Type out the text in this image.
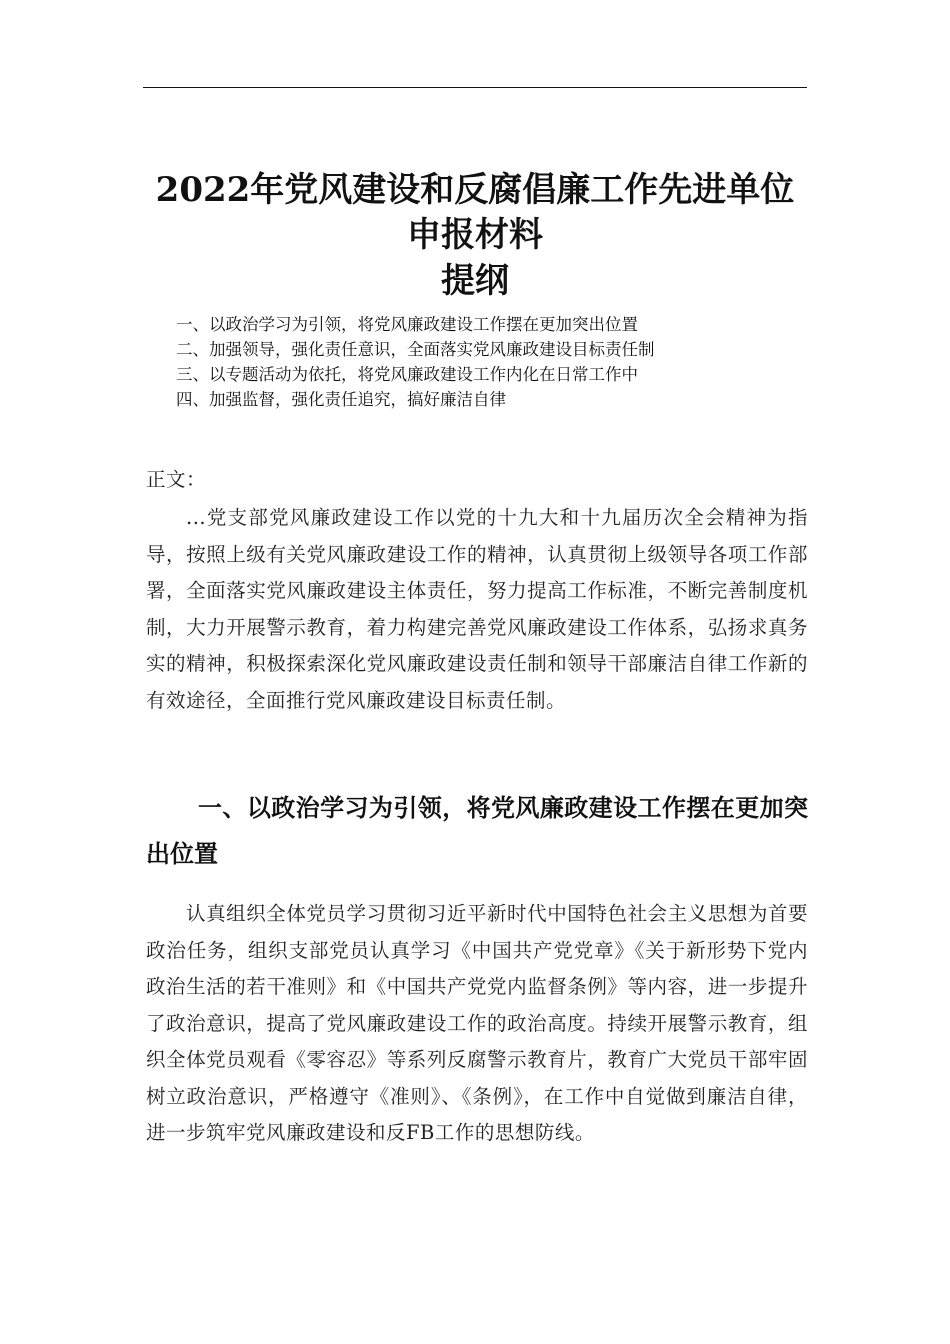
2022年党风建设和反腐倡廉工作先进单位
申报材料
提纲
一、以政治学习为引领，将党风廉政建设工作摆在更加突出位置
二、加强领导，强化责任意识，全面落实党风廉政建设目标责任制
三、以专题活动为依托，将党风廉政建设工作内化在日常工作中
四、加强监督，强化责任追究，搞好廉洁自律
正文：
...党支部党风廉政建设工作以党的十九大和十九届历次全会精神为指导，按照上级有关党风廉政建设工作的精神，认真贯彻上级领导各项工作部署，全面落实党风廉政建设主体责任，努力提高工作标准，不断完善制度机制，大力开展警示教育，着力构建完善党风廉政建设工作体系，弘扬求真务实的精神，积极探索深化党风廉政建设责任制和领导干部廉洁自律工作新的有效途径，全面推行党风廉政建设目标责任制。
一、以政治学习为引领，将党风廉政建设工作摆在更加突出位置
认真组织全体党员学习贯彻习近平新时代中国特色社会主义思想为首要政治任务，组织支部党员认真学习《中国共产党党章》《关于新形势下党内政治生活的若干准则》和《中国共产党党内监督条例》等内容，进一步提升了政治意识，提高了党风廉政建设工作的政治高度。持续开展警示教育，组织全体党员观看《零容忍》等系列反腐警示教育片，教育广大党员干部牢固树立政治意识，严格遵守《准则》、《条例》，在工作中自觉做到廉洁自律，进一步筑牢党风廉政建设和反FB工作的思想防线。
